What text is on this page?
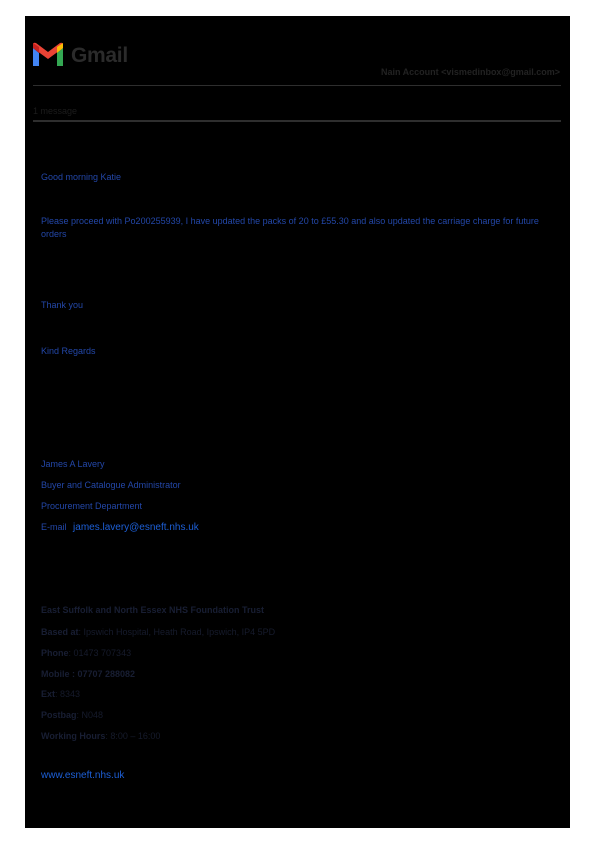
Gmail
Nain Account <vismedinbox@gmail.com>
1 message
Good morning Katie
Please proceed with Po200255939, I have updated the packs of 20 to £55.30 and also updated the carriage charge for future orders
Thank you
Kind Regards
James A Lavery
Buyer and Catalogue Administrator
Procurement Department
E-mail james.lavery@esneft.nhs.uk
East Suffolk and North Essex NHS Foundation Trust
Based at: Ipswich Hospital, Heath Road, Ipswich, IP4 5PD
Phone: 01473 707343
Mobile : 07707 288082
Ext: 8343
Postbag: N048
Working Hours: 8:00 – 16:00
www.esneft.nhs.uk
